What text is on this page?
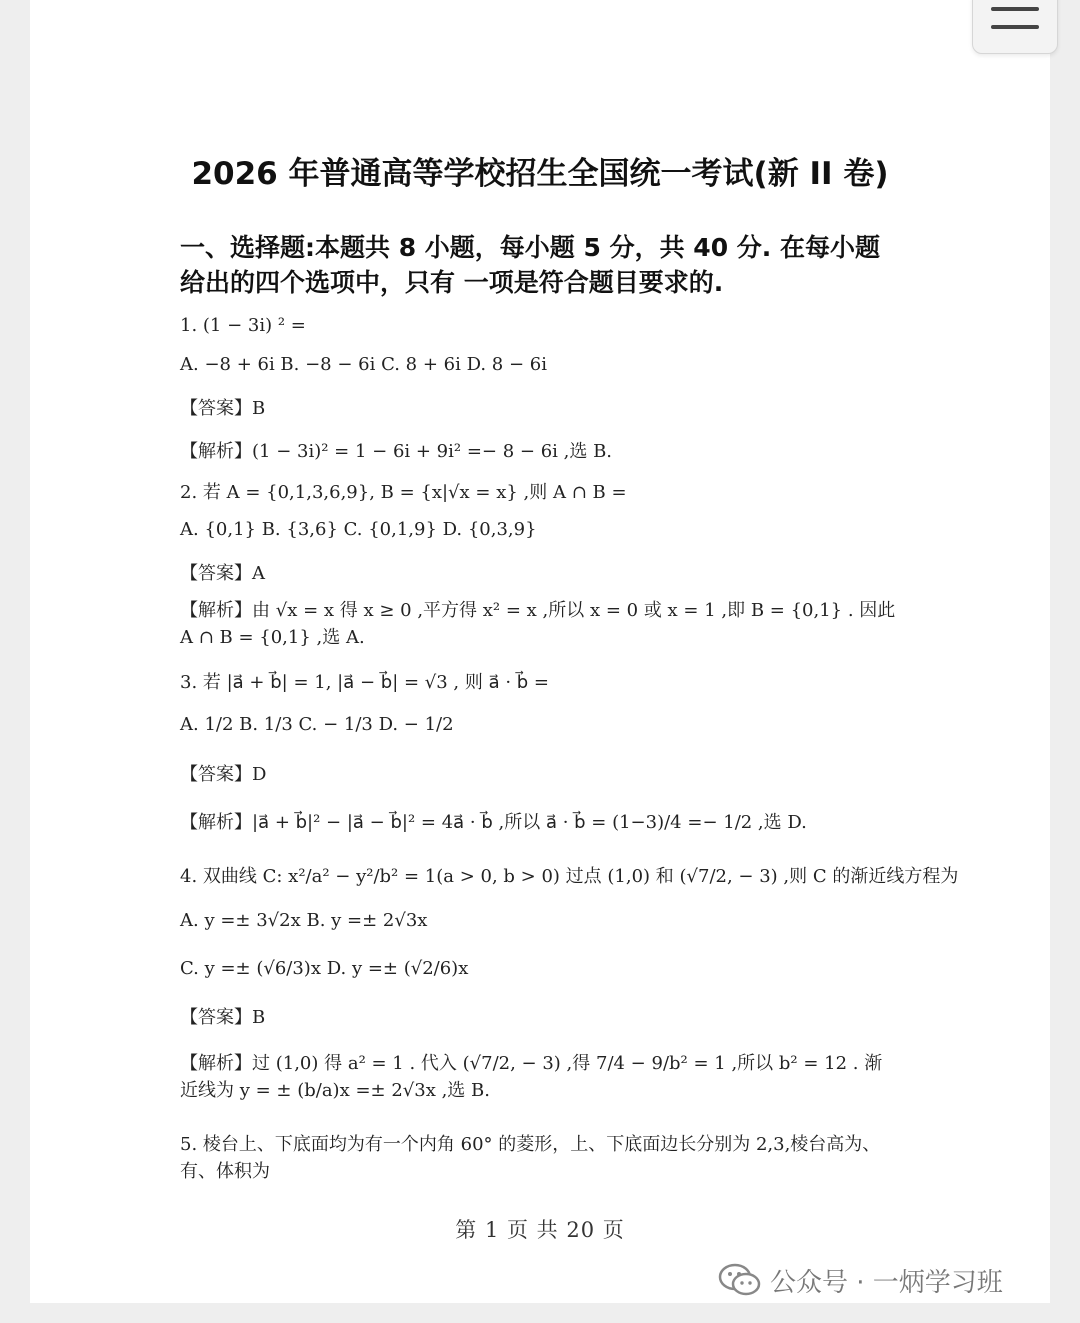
2026 年普通高等学校招生全国统一考试(新 II 卷)
一、选择题:本题共 8 小题，每小题 5 分，共 40 分. 在每小题给出的四个选项中，只有 一项是符合题目要求的.
1. (1 − 3i) ² =
A. −8 + 6i B. −8 − 6i C. 8 + 6i D. 8 − 6i
【答案】B
【解析】(1 − 3i)² = 1 − 6i + 9i² =− 8 − 6i ,选 B.
2. 若 A = {0,1,3,6,9}, B = {x|√x = x} ,则 A ∩ B =
A. {0,1} B. {3,6} C. {0,1,9} D. {0,3,9}
【答案】A
【解析】由 √x = x 得 x ≥ 0 ,平方得 x² = x ,所以 x = 0 或 x = 1 ,即 B = {0,1} . 因此 A ∩ B = {0,1} ,选 A.
3. 若 |a⃗ + b⃗| = 1, |a⃗ − b⃗| = √3 , 则 a⃗ · b⃗ =
A. 1/2 B. 1/3 C. − 1/3 D. − 1/2
【答案】D
【解析】|a⃗ + b⃗|² − |a⃗ − b⃗|² = 4a⃗ · b⃗ ,所以 a⃗ · b⃗ = (1−3)/4 =− 1/2 ,选 D.
4. 双曲线 C: x²/a² − y²/b² = 1(a > 0, b > 0) 过点 (1,0) 和 (√7/2, − 3) ,则 C 的渐近线方程为
A. y =± 3√2x B. y =± 2√3x
C. y =± (√6/3)x D. y =± (√2/6)x
【答案】B
【解析】过 (1,0) 得 a² = 1 . 代入 (√7/2, − 3) ,得 7/4 − 9/b² = 1 ,所以 b² = 12 . 渐近线为 y = ± (b/a)x =± 2√3x ,选 B.
5. 棱台上、下底面均为有一个内角 60° 的菱形，上、下底面边长分别为 2,3,棱台高为、有、体积为
第 1 页 共 20 页
公众号 · 一炳学习班
